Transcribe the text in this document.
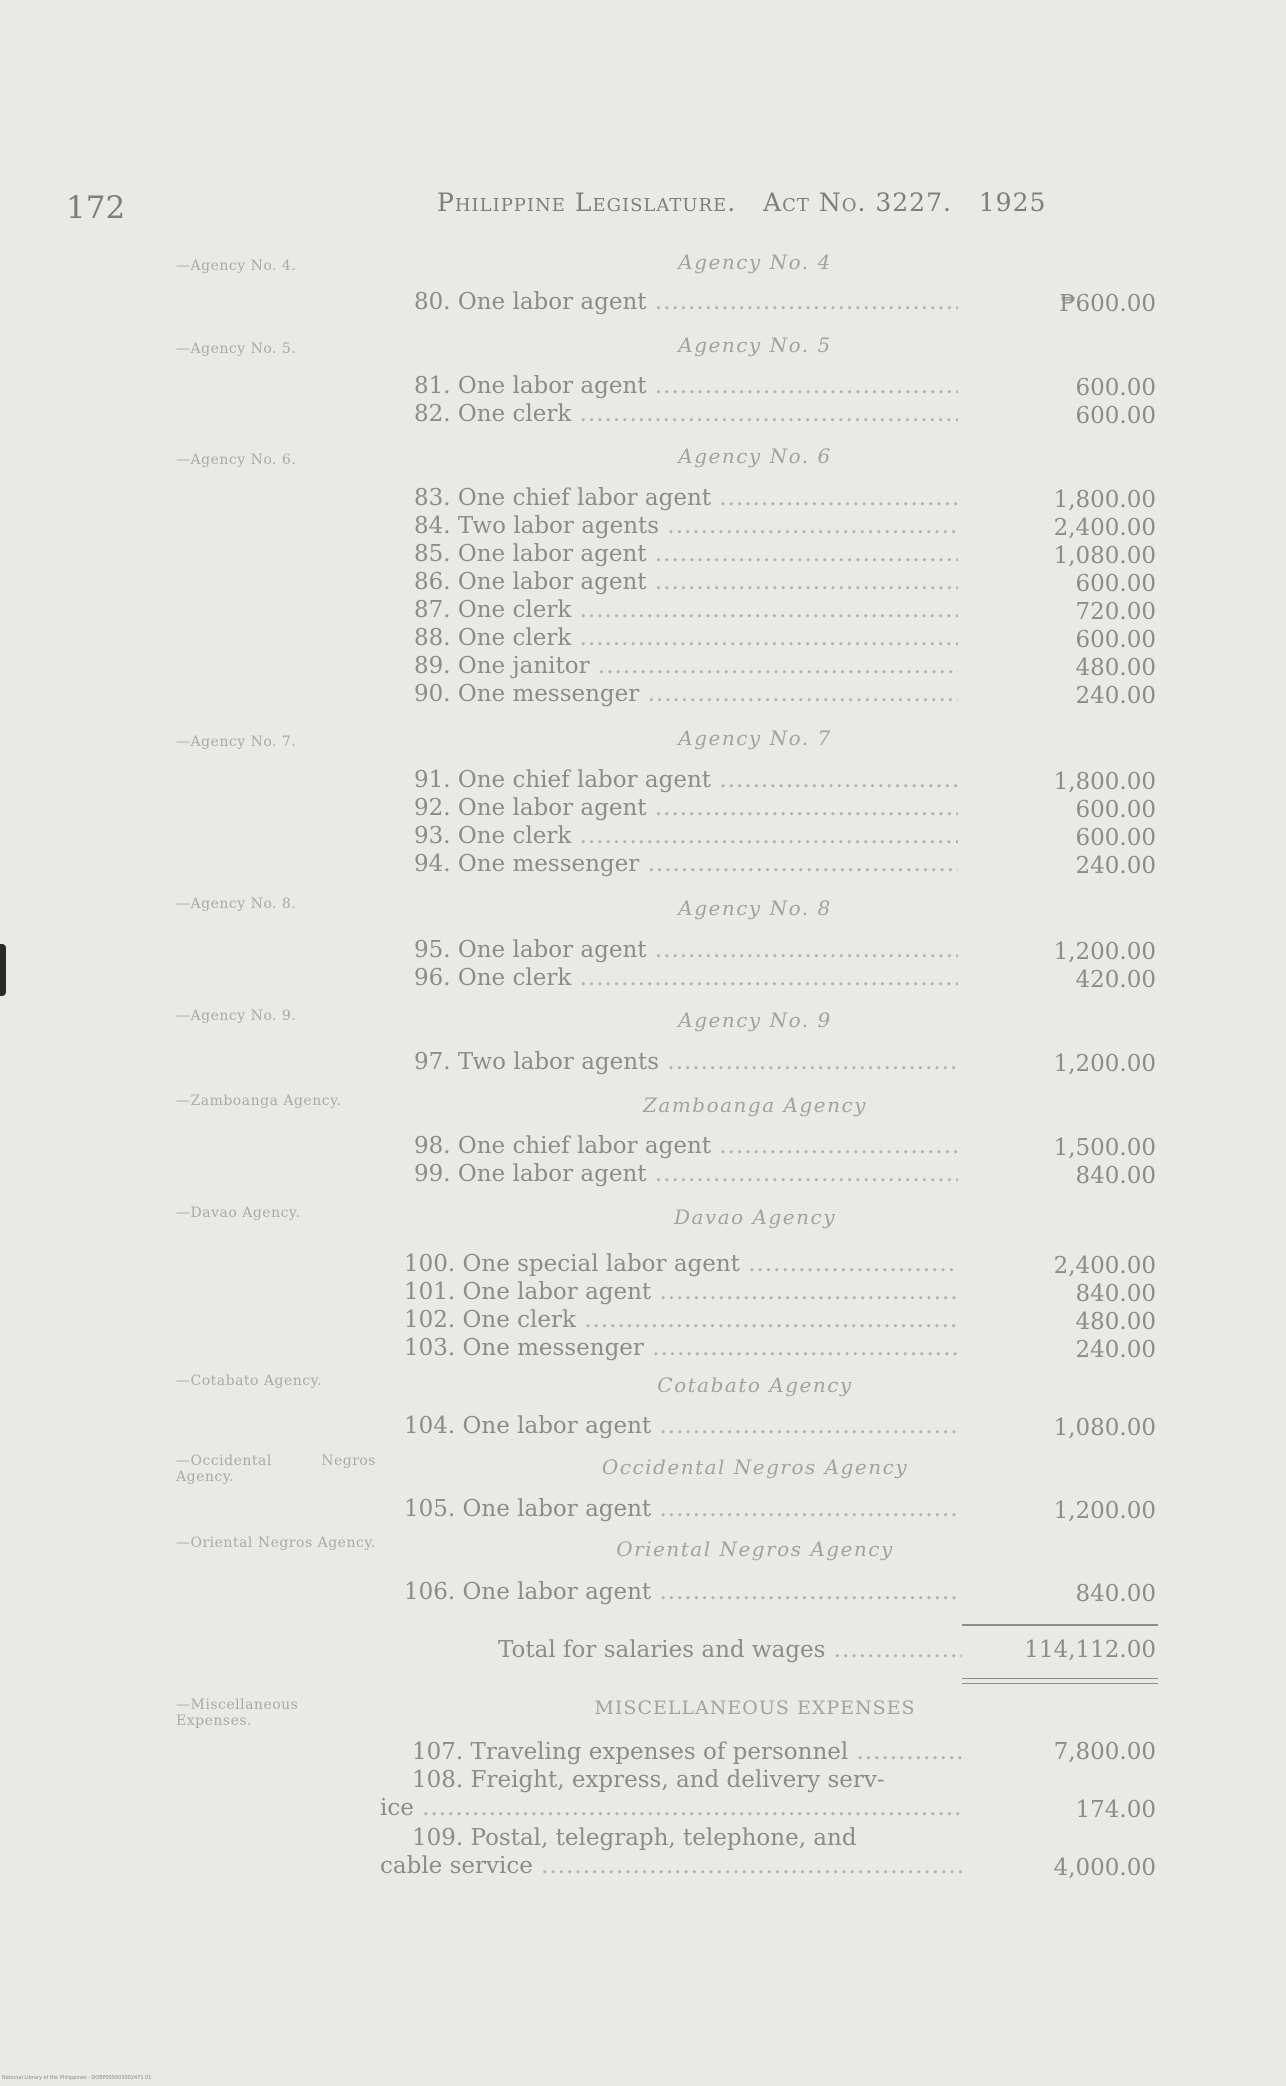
172	Philippine Legislature. Act No. 3227. 1925
—Agency No. 4.	Agency No. 4
80. One labor agent .....	₱600.00
—Agency No. 5.	Agency No. 5
81. One labor agent .....	600.00
82. One clerk .....	600.00
—Agency No. 6.	Agency No. 6
83. One chief labor agent .....	1,800.00
84. Two labor agents .....	2,400.00
85. One labor agent .....	1,080.00
86. One labor agent .....	600.00
87. One clerk .....	720.00
88. One clerk .....	600.00
89. One janitor .....	480.00
90. One messenger .....	240.00
—Agency No. 7.	Agency No. 7
91. One chief labor agent .....	1,800.00
92. One labor agent .....	600.00
93. One clerk .....	600.00
94. One messenger .....	240.00
—Agency No. 8.	Agency No. 8
95. One labor agent .....	1,200.00
96. One clerk .....	420.00
—Agency No. 9.	Agency No. 9
97. Two labor agents .....	1,200.00
—Zamboanga Agency.	Zamboanga Agency
98. One chief labor agent .....	1,500.00
99. One labor agent .....	840.00
—Davao Agency.	Davao Agency
100. One special labor agent .....	2,400.00
101. One labor agent .....	840.00
102. One clerk .....	480.00
103. One messenger .....	240.00
—Cotabato Agency.	Cotabato Agency
104. One labor agent .....	1,080.00
—Occidental Negros Agency.	Occidental Negros Agency
105. One labor agent .....	1,200.00
—Oriental Negros Agency.	Oriental Negros Agency
106. One labor agent .....	840.00
Total for salaries and wages .....	114,112.00
—Miscellaneous Expenses.
MISCELLANEOUS EXPENSES
107. Traveling expenses of personnel .....	7,800.00
108. Freight, express, and delivery serv-
ice .....	174.00
109. Postal, telegraph, telephone, and
cable service .....	4,000.00
National Library of the Philippines · DOEP005003002471 01
